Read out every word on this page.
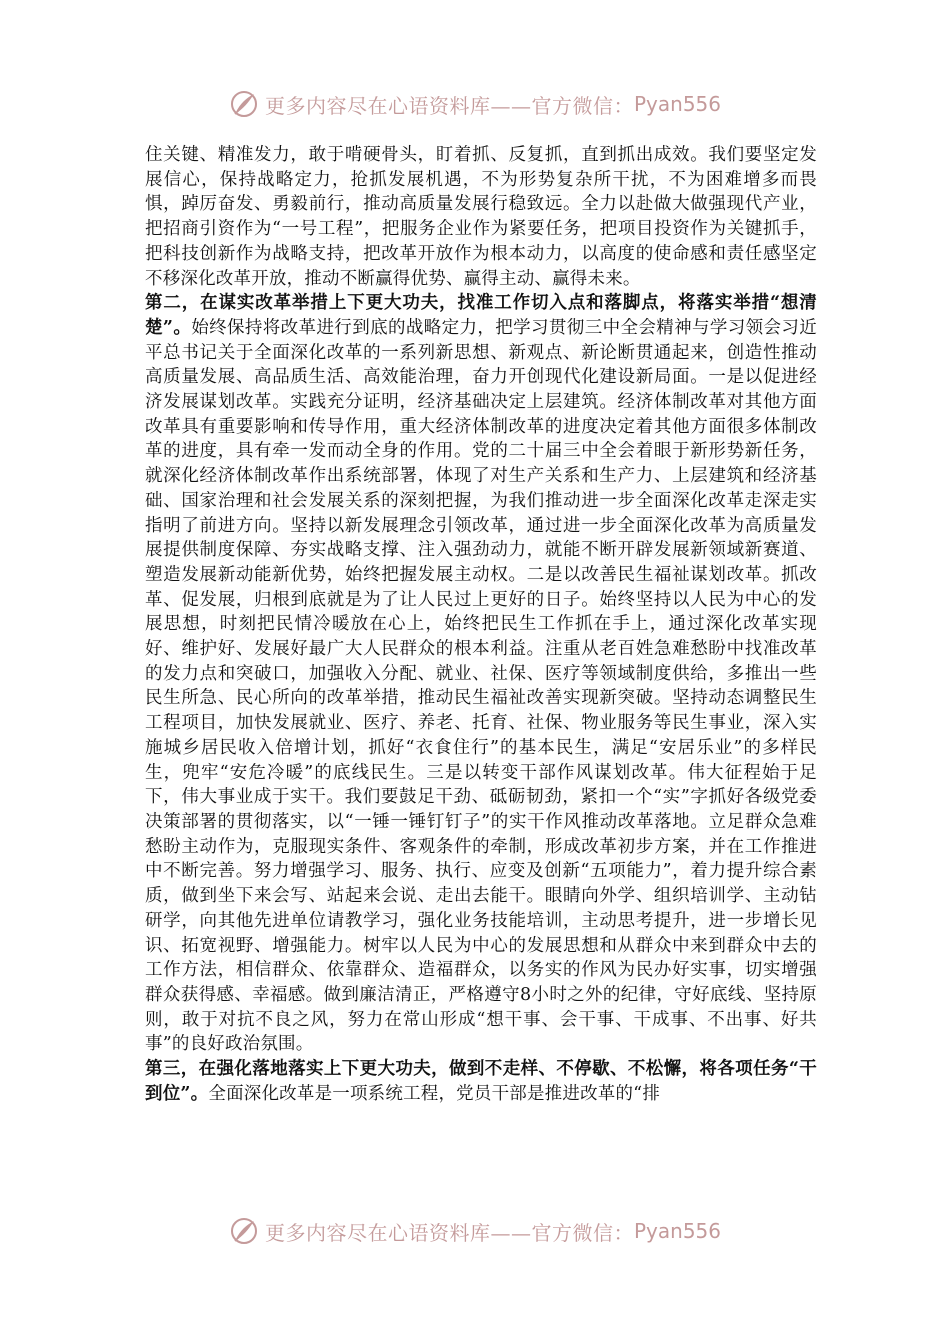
更多内容尽在心语资料库——官方微信： Pyan556

住关键、精准发力，敢于啃硬骨头，盯着抓、反复抓，直到抓出成效。我们要坚定发展信心，保持战略定力，抢抓发展机遇，不为形势复杂所干扰，不为困难增多而畏惧，踔厉奋发、勇毅前行，推动高质量发展行稳致远。全力以赴做大做强现代产业，把招商引资作为“一号工程”，把服务企业作为紧要任务，把项目投资作为关键抓手，把科技创新作为战略支持，把改革开放作为根本动力，以高度的使命感和责任感坚定不移深化改革开放，推动不断赢得优势、赢得主动、赢得未来。

第二，在谋实改革举措上下更大功夫，找准工作切入点和落脚点，将落实举措“想清楚”。始终保持将改革进行到底的战略定力，把学习贯彻三中全会精神与学习领会习近平总书记关于全面深化改革的一系列新思想、新观点、新论断贯通起来，创造性推动高质量发展、高品质生活、高效能治理，奋力开创现代化建设新局面。一是以促进经济发展谋划改革。实践充分证明，经济基础决定上层建筑。经济体制改革对其他方面改革具有重要影响和传导作用，重大经济体制改革的进度决定着其他方面很多体制改革的进度，具有牵一发而动全身的作用。党的二十届三中全会着眼于新形势新任务，就深化经济体制改革作出系统部署，体现了对生产关系和生产力、上层建筑和经济基础、国家治理和社会发展关系的深刻把握，为我们推动进一步全面深化改革走深走实指明了前进方向。坚持以新发展理念引领改革，通过进一步全面深化改革为高质量发展提供制度保障、夯实战略支撑、注入强劲动力，就能不断开辟发展新领域新赛道、塑造发展新动能新优势，始终把握发展主动权。二是以改善民生福祉谋划改革。抓改革、促发展，归根到底就是为了让人民过上更好的日子。始终坚持以人民为中心的发展思想，时刻把民情冷暖放在心上，始终把民生工作抓在手上，通过深化改革实现好、维护好、发展好最广大人民群众的根本利益。注重从老百姓急难愁盼中找准改革的发力点和突破口，加强收入分配、就业、社保、医疗等领域制度供给，多推出一些民生所急、民心所向的改革举措，推动民生福祉改善实现新突破。坚持动态调整民生工程项目，加快发展就业、医疗、养老、托育、社保、物业服务等民生事业，深入实施城乡居民收入倍增计划，抓好“衣食住行”的基本民生，满足“安居乐业”的多样民生，兜牢“安危冷暖”的底线民生。三是以转变干部作风谋划改革。伟大征程始于足下，伟大事业成于实干。我们要鼓足干劲、砥砺韧劲，紧扣一个“实”字抓好各级党委决策部署的贯彻落实，以“一锤一锤钉钉子”的实干作风推动改革落地。立足群众急难愁盼主动作为，克服现实条件、客观条件的牵制，形成改革初步方案，并在工作推进中不断完善。努力增强学习、服务、执行、应变及创新“五项能力”，着力提升综合素质，做到坐下来会写、站起来会说、走出去能干。眼睛向外学、组织培训学、主动钻研学，向其他先进单位请教学习，强化业务技能培训，主动思考提升，进一步增长见识、拓宽视野、增强能力。树牢以人民为中心的发展思想和从群众中来到群众中去的工作方法，相信群众、依靠群众、造福群众，以务实的作风为民办好实事，切实增强群众获得感、幸福感。做到廉洁清正，严格遵守8小时之外的纪律，守好底线、坚持原则，敢于对抗不良之风，努力在常山形成“想干事、会干事、干成事、不出事、好共事”的良好政治氛围。

第三，在强化落地落实上下更大功夫，做到不走样、不停歇、不松懈，将各项任务“干到位”。全面深化改革是一项系统工程，党员干部是推进改革的“排

更多内容尽在心语资料库——官方微信： Pyan556
